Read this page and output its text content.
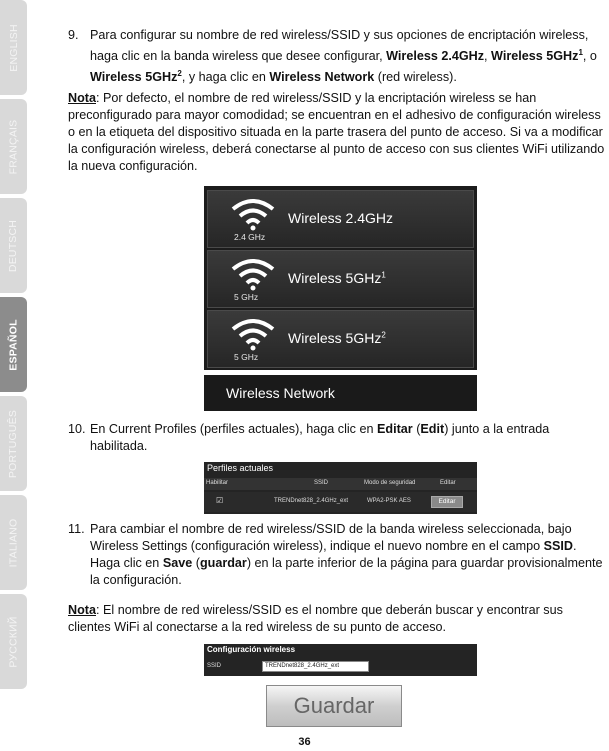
ENGLISH
FRANÇAIS
DEUTSCH
ESPAÑOL
PORTUGUÊS
ITALIANO
РУССКИЙ
9. Para configurar su nombre de red wireless/SSID y sus opciones de encriptación wireless,
haga clic en la banda wireless que desee configurar, Wireless 2.4GHz, Wireless 5GHz$^1$, o
Wireless 5GHz$^2$, y haga clic en Wireless Network (red wireless).
Nota: Por defecto, el nombre de red wireless/SSID y la encriptación wireless se han
preconfigurado para mayor comodidad; se encuentran en el adhesivo de configuración wireless
o en la etiqueta del dispositivo situada en la parte trasera del punto de acceso. Si va a modificar
la configuración wireless, deberá conectarse al punto de acceso con sus clientes WiFi utilizando
la nueva configuración.
2.4 GHz
Wireless 2.4GHz
5 GHz
Wireless 5GHz$^1$
5 GHz
Wireless 5GHz$^2$
Wireless Network
10. En Current Profiles (perfiles actuales), haga clic en Editar (Edit) junto a la entrada
habilitada.
Perfiles actuales
Habilitar	SSID	Modo de seguridad	Editar
☑	TRENDnet828_2.4GHz_ext	WPA2-PSK AES	Editar
11. Para cambiar el nombre de red wireless/SSID de la banda wireless seleccionada, bajo
Wireless Settings (configuración wireless), indique el nuevo nombre en el campo SSID.
Haga clic en Save (guardar) en la parte inferior de la página para guardar provisionalmente
la configuración.
Nota: El nombre de red wireless/SSID es el nombre que deberán buscar y encontrar sus
clientes WiFi al conectarse a la red wireless de su punto de acceso.
Configuración wireless
SSID	TRENDnet828_2.4GHz_ext
Guardar
36
